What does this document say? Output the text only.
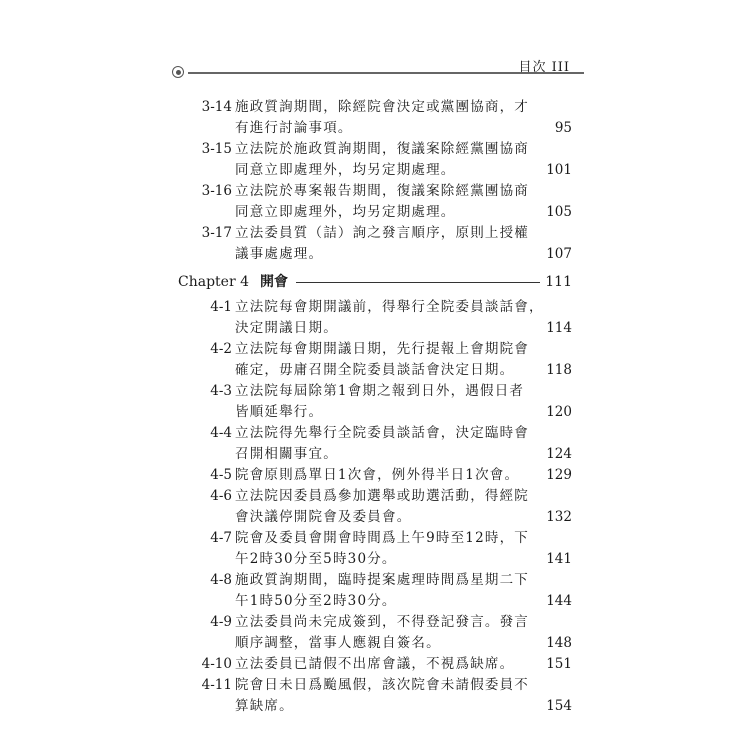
目次 III
3-14 施政質詢期間，除經院會決定或黨團協商，才
有進行討論事項。	95
3-15 立法院於施政質詢期間，復議案除經黨團協商
同意立即處理外，均另定期處理。	101
3-16 立法院於專案報告期間，復議案除經黨團協商
同意立即處理外，均另定期處理。	105
3-17 立法委員質（詰）詢之發言順序，原則上授權
議事處處理。	107
Chapter 4 開會	111
4-1 立法院每會期開議前，得舉行全院委員談話會，
決定開議日期。	114
4-2 立法院每會期開議日期，先行提報上會期院會
確定，毋庸召開全院委員談話會決定日期。	118
4-3 立法院每屆除第1會期之報到日外，遇假日者
皆順延舉行。	120
4-4 立法院得先舉行全院委員談話會，決定臨時會
召開相關事宜。	124
4-5 院會原則爲單日1次會，例外得半日1次會。	129
4-6 立法院因委員爲參加選舉或助選活動，得經院
會決議停開院會及委員會。	132
4-7 院會及委員會開會時間爲上午9時至12時，下
午2時30分至5時30分。	141
4-8 施政質詢期間，臨時提案處理時間爲星期二下
午1時50分至2時30分。	144
4-9 立法委員尚未完成簽到，不得登記發言。發言
順序調整，當事人應親自簽名。	148
4-10 立法委員已請假不出席會議，不視爲缺席。	151
4-11 院會日未日爲颱風假，該次院會未請假委員不
算缺席。	154
